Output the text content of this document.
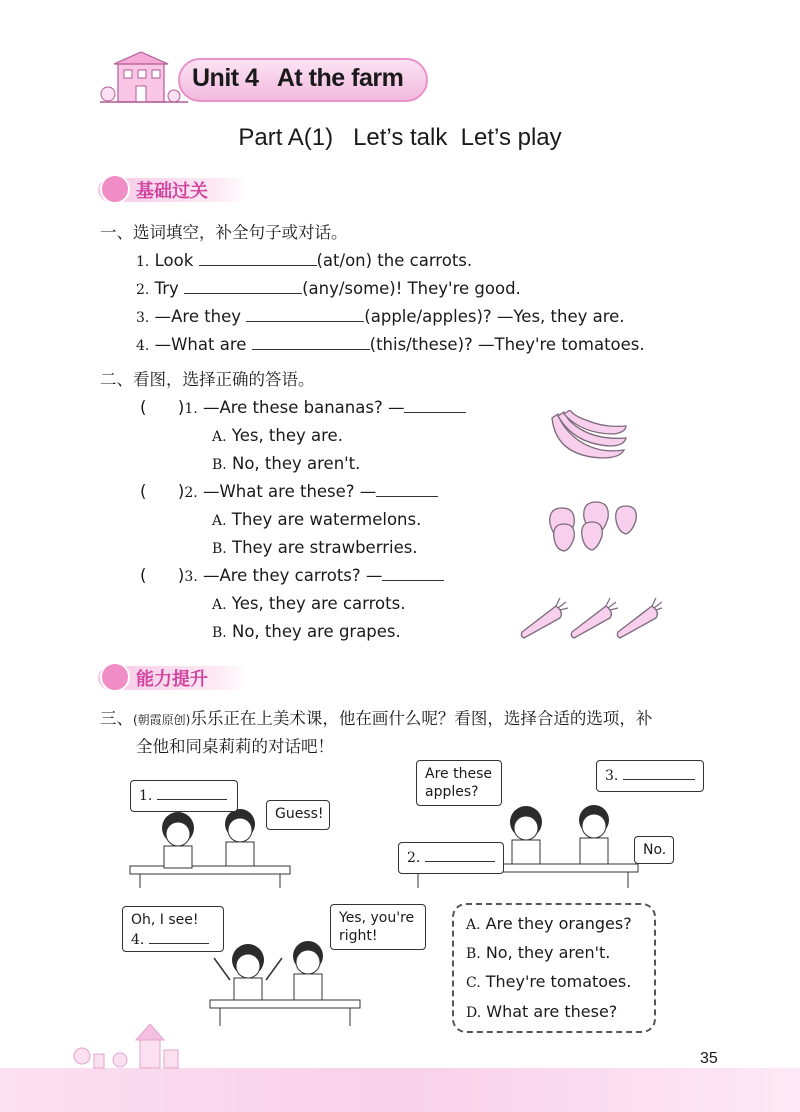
Unit 4   At the farm
Part A(1)   Let’s talk  Let’s play
基础过关
一、选词填空，补全句子或对话。
1. Look	(at/on) the carrots.
2. Try	(any/some)! They're good.
3. —Are they	(apple/apples)? —Yes, they are.
4. —What are	(this/these)? —They're tomatoes.
二、看图，选择正确的答语。
(      )1. —Are these bananas? —
A. Yes, they are.
B. No, they aren't.
(      )2. —What are these? —
A. They are watermelons.
B. They are strawberries.
(      )3. —Are they carrots? —
A. Yes, they are carrots.
B. No, they are grapes.
能力提升
三、(朝霞原创)乐乐正在上美术课，他在画什么呢？看图，选择合适的选项，补
全他和同桌莉莉的对话吧！
1.
Guess!
Are these apples?
3.
2.	No.
Oh, I see!
4.
Yes, you're right!
A. Are they oranges?
B. No, they aren't.
C. They're tomatoes.
D. What are these?
35
